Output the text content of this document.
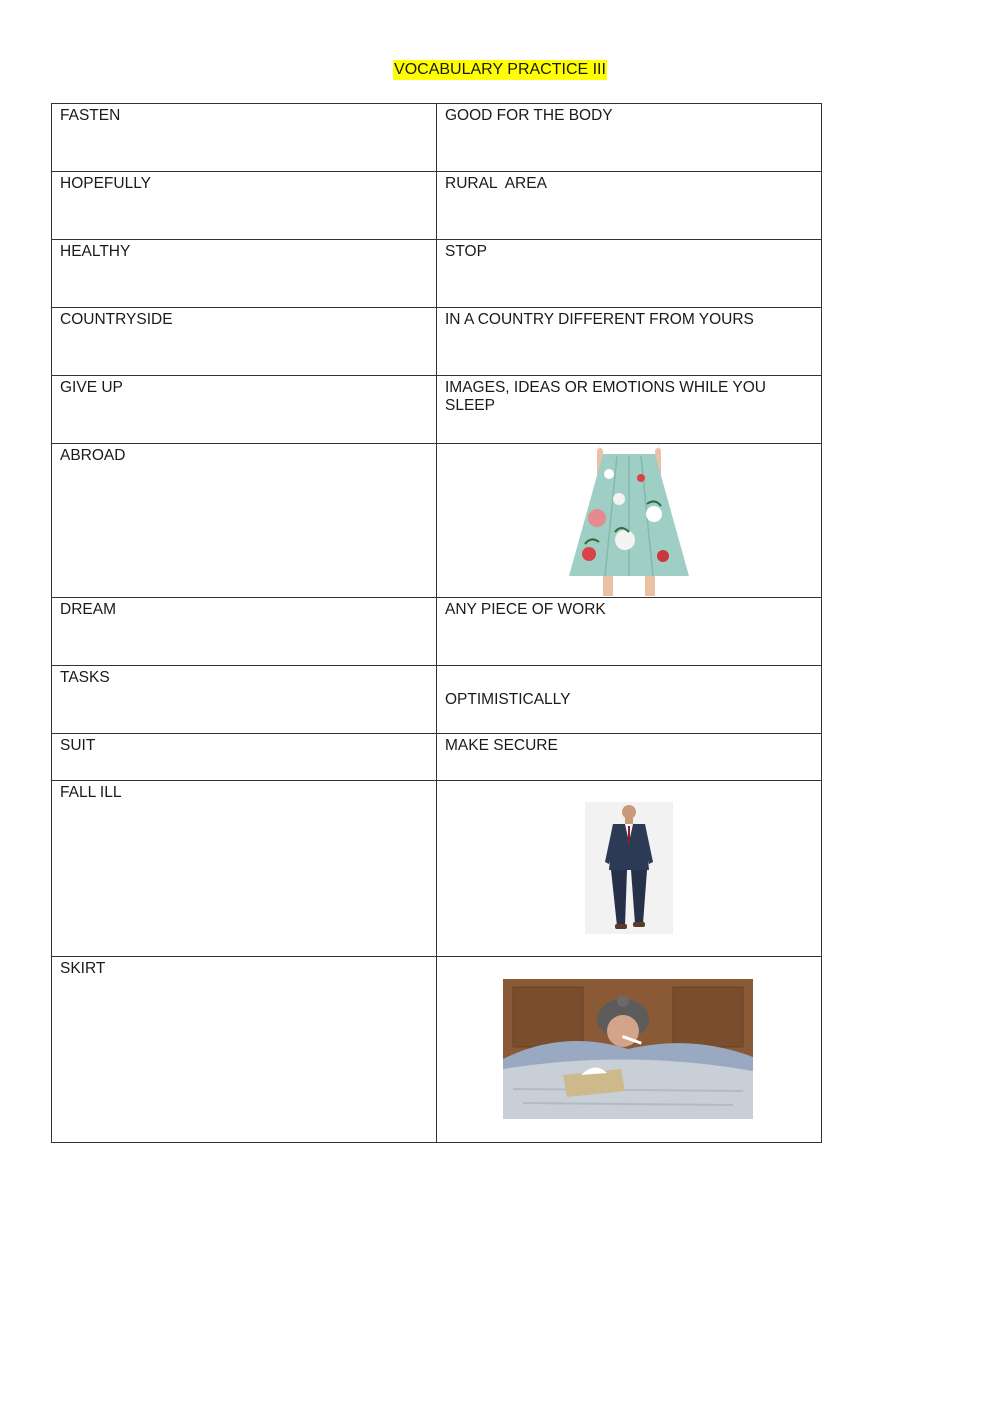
VOCABULARY PRACTICE III
FASTEN	GOOD FOR THE BODY
HOPEFULLY	RURAL  AREA
HEALTHY	STOP
COUNTRYSIDE	IN A COUNTRY DIFFERENT FROM YOURS
GIVE UP	IMAGES, IDEAS OR EMOTIONS WHILE YOU SLEEP
ABROAD	

DREAM	ANY PIECE OF WORK
TASKS	OPTIMISTICALLY

SUIT	MAKE SECURE
FALL ILL	

SKIRT	
